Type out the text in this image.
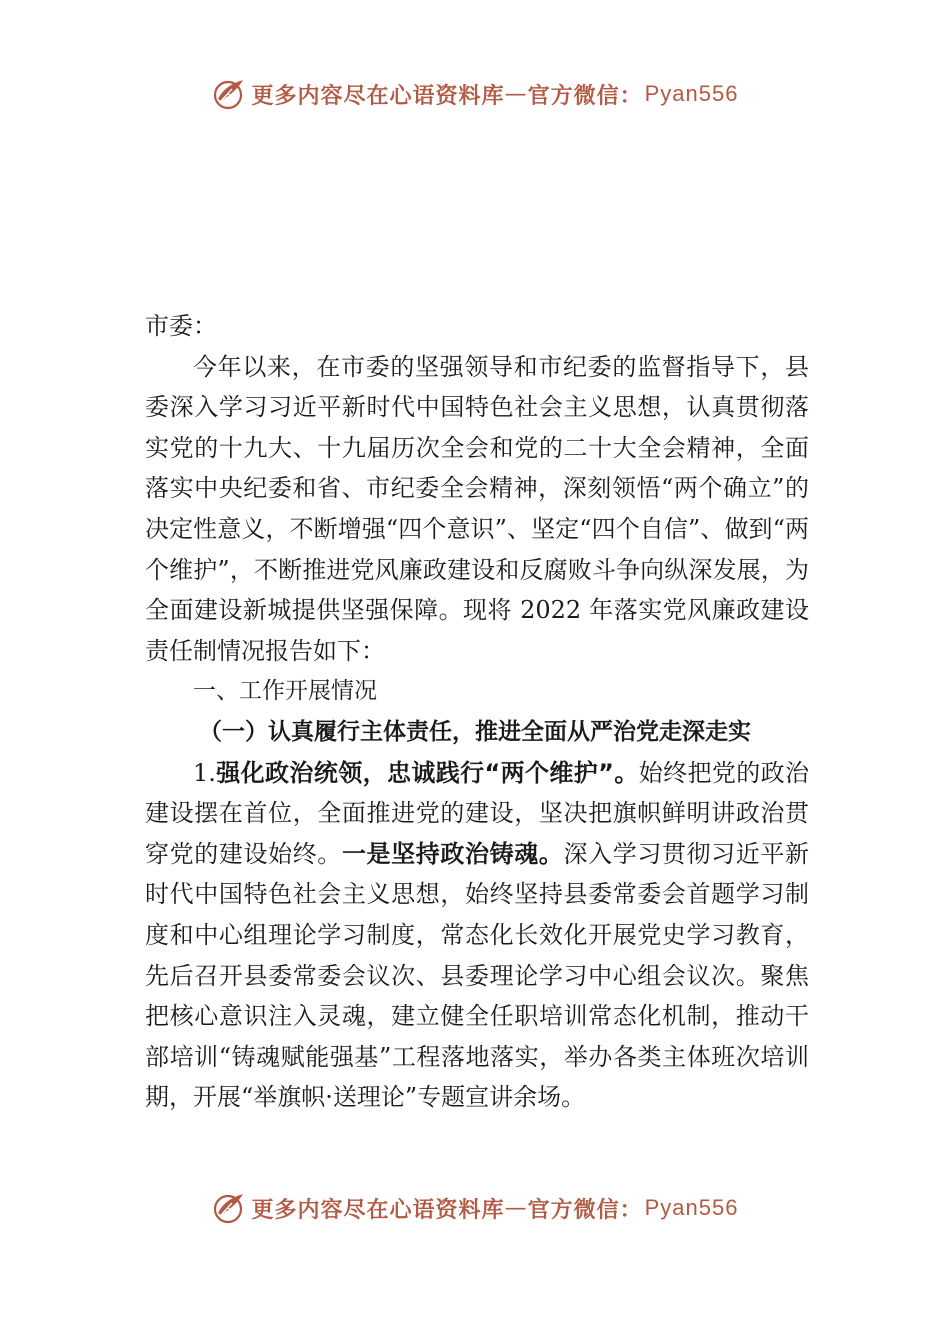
更多内容尽在心语资料库 — 官方微信： Pyan556

市委：

今年以来，在市委的坚强领导和市纪委的监督指导下，县委深入学习习近平新时代中国特色社会主义思想，认真贯彻落实党的十九大、十九届历次全会和党的二十大全会精神，全面落实中央纪委和省、市纪委全会精神，深刻领悟“两个确立”的决定性意义，不断增强“四个意识”、坚定“四个自信”、做到“两个维护”，不断推进党风廉政建设和反腐败斗争向纵深发展，为全面建设新城提供坚强保障。现将 2022 年落实党风廉政建设责任制情况报告如下：

一、工作开展情况

（一）认真履行主体责任，推进全面从严治党走深走实

1.强化政治统领，忠诚践行“两个维护”。始终把党的政治建设摆在首位，全面推进党的建设，坚决把旗帜鲜明讲政治贯穿党的建设始终。一是坚持政治铸魂。深入学习贯彻习近平新时代中国特色社会主义思想，始终坚持县委常委会首题学习制度和中心组理论学习制度，常态化长效化开展党史学习教育，先后召开县委常委会议次、县委理论学习中心组会议次。聚焦把核心意识注入灵魂，建立健全任职培训常态化机制，推动干部培训“铸魂赋能强基”工程落地落实，举办各类主体班次培训期，开展“举旗帜·送理论”专题宣讲余场。

更多内容尽在心语资料库 — 官方微信： Pyan556
